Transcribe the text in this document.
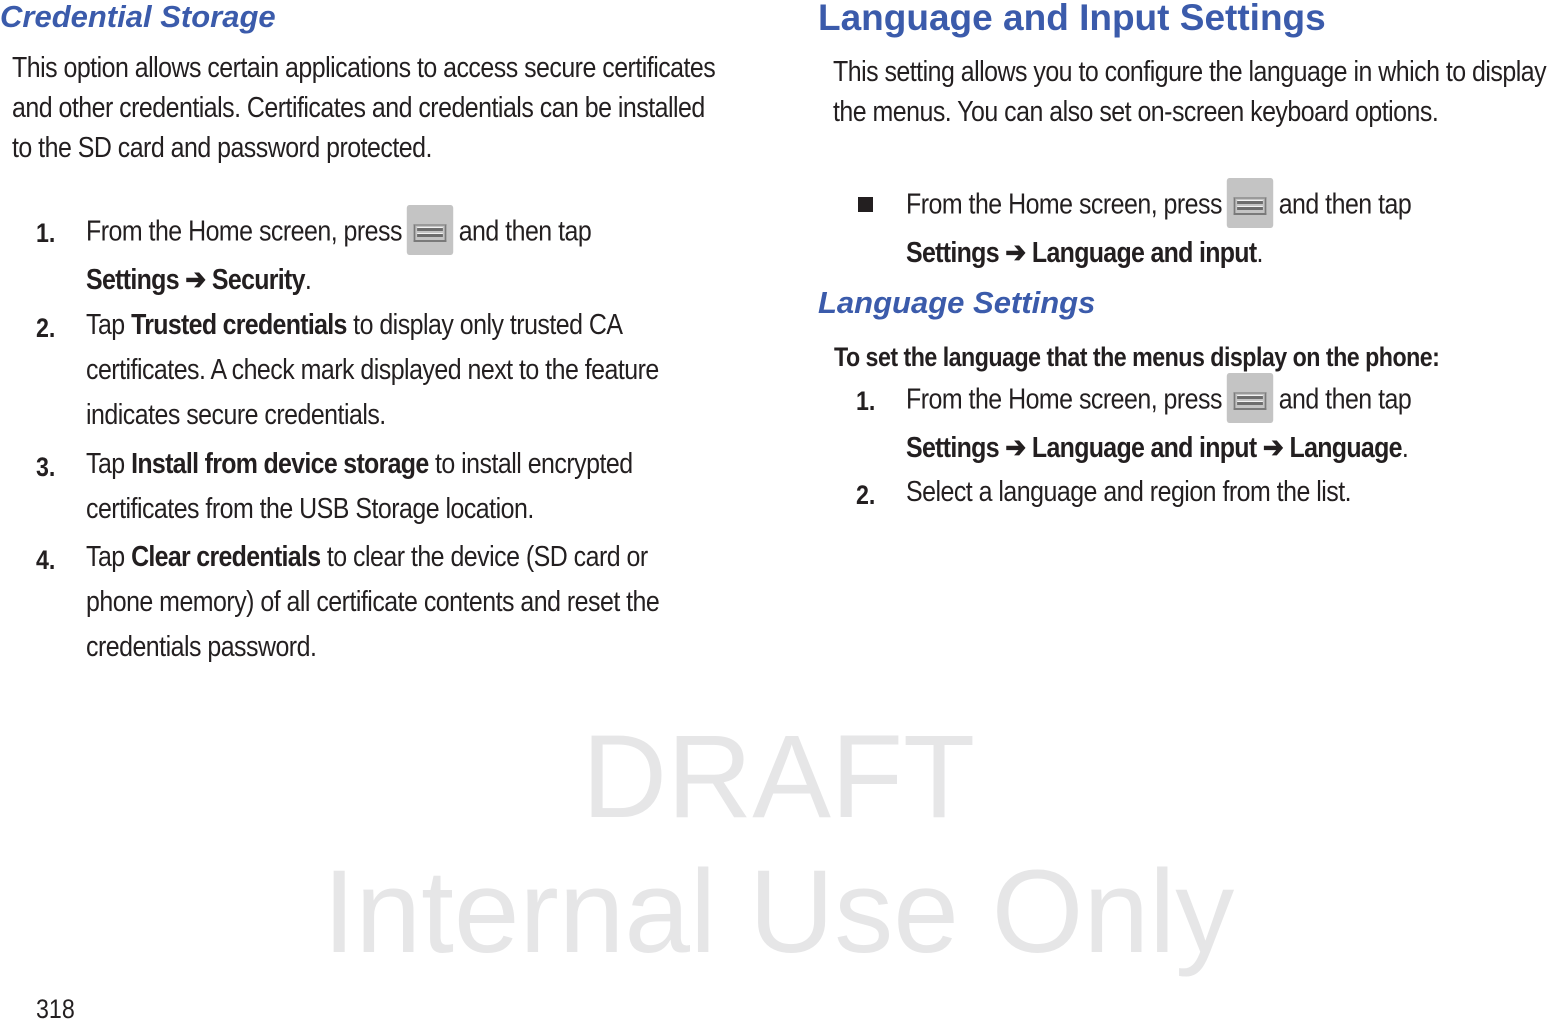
DRAFT
Internal Use Only
Credential Storage

This option allows certain applications to access secure certificates and other credentials. Certificates and credentials can be installed to the SD card and password protected.

1. From the Home screen, press and then tap
Settings ➔ Security.
2. Tap Trusted credentials to display only trusted CA
certificates. A check mark displayed next to the feature
indicates secure credentials.
3. Tap Install from device storage to install encrypted
certificates from the USB Storage location.
4. Tap Clear credentials to clear the device (SD card or
phone memory) of all certificate contents and reset the
credentials password.
Language and Input Settings

This setting allows you to configure the language in which to display the menus. You can also set on-screen keyboard options.

From the Home screen, press and then tap
Settings ➔ Language and input.
Language Settings
To set the language that the menus display on the phone:
1. From the Home screen, press and then tap
Settings ➔ Language and input ➔ Language.
2. Select a language and region from the list.
318
